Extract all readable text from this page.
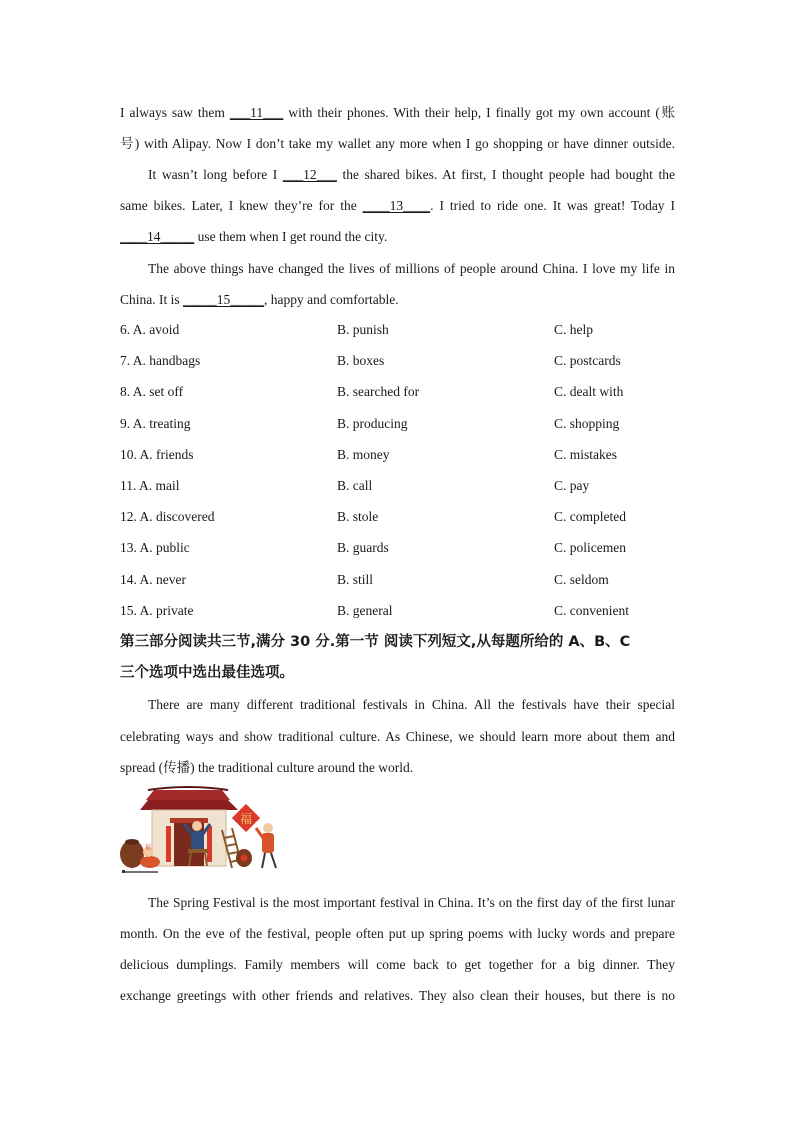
I always saw them ___11___ with their phones. With their help, I finally got my own account (账
号) with Alipay. Now I don’t take my wallet any more when I go shopping or have dinner outside.
It wasn’t long before I ___12___ the shared bikes. At first, I thought people had bought the
same bikes. Later, I knew they’re for the ____13____. I tried to ride one. It was great! Today I
____14_____ use them when I get round the city.
The above things have changed the lives of millions of people around China. I love my life in
China. It is _____15_____, happy and comfortable.
6. A. avoid	B. punish	C. help
7. A. handbags	B. boxes	C. postcards
8. A. set off	B. searched for	C. dealt with
9. A. treating	B. producing	C. shopping
10. A. friends	B. money	C. mistakes
11. A. mail	B. call	C. pay
12. A. discovered	B. stole	C. completed
13. A. public	B. guards	C. policemen
14. A. never	B. still	C. seldom
15. A. private	B. general	C. convenient
第三部分阅读共三节,满分 30 分.第一节 阅读下列短文,从每题所给的 A、B、C
三个选项中选出最佳选项。
There are many different traditional festivals in China. All the festivals have their special
celebrating ways and show traditional culture. As Chinese, we should learn more about them and
spread (传播) the traditional culture around the world.
福
福
The Spring Festival is the most important festival in China. It’s on the first day of the first lunar
month. On the eve of the festival, people often put up spring poems with lucky words and prepare
delicious dumplings. Family members will come back to get together for a big dinner. They
exchange greetings with other friends and relatives. They also clean their houses, but there is no
